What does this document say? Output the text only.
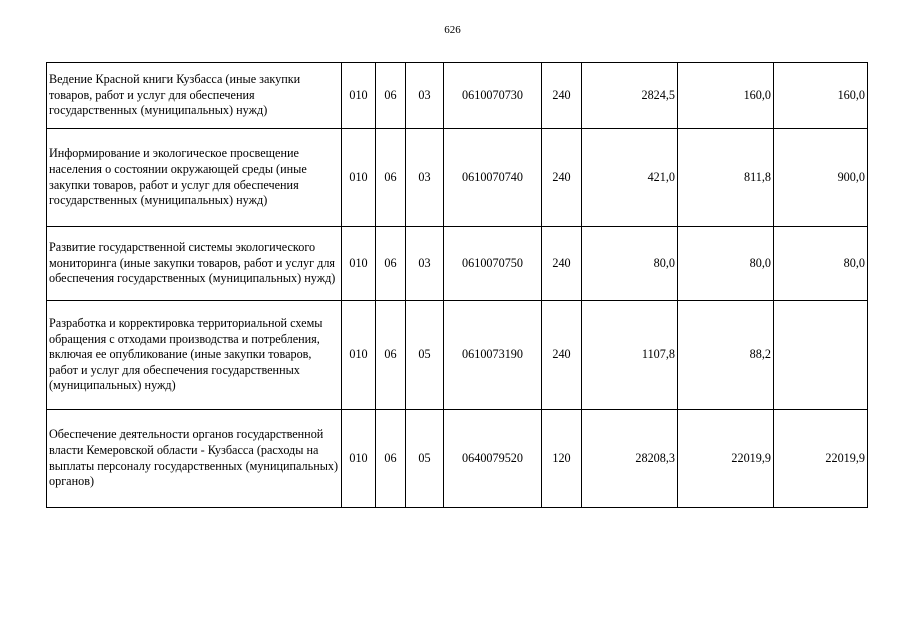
626
Ведение Красной книги Кузбасса (иные закупки товаров, работ и услуг для обеспечения государственных (муниципальных) нужд)	010	06	03	0610070730	240	2824,5	160,0	160,0
Информирование и экологическое просвещение населения о состоянии окружающей среды (иные закупки товаров, работ и услуг для обеспечения государственных (муниципальных) нужд)	010	06	03	0610070740	240	421,0	811,8	900,0
Развитие государственной системы экологического мониторинга (иные закупки товаров, работ и услуг для обеспечения государственных (муниципальных) нужд)	010	06	03	0610070750	240	80,0	80,0	80,0
Разработка и корректировка территориальной схемы обращения с отходами производства и потребления, включая ее опубликование (иные закупки товаров, работ и услуг для обеспечения государственных (муниципальных) нужд)	010	06	05	0610073190	240	1107,8	88,2	
Обеспечение деятельности органов государственной власти Кемеровской области - Кузбасса (расходы на выплаты персоналу государственных (муниципальных) органов)	010	06	05	0640079520	120	28208,3	22019,9	22019,9
